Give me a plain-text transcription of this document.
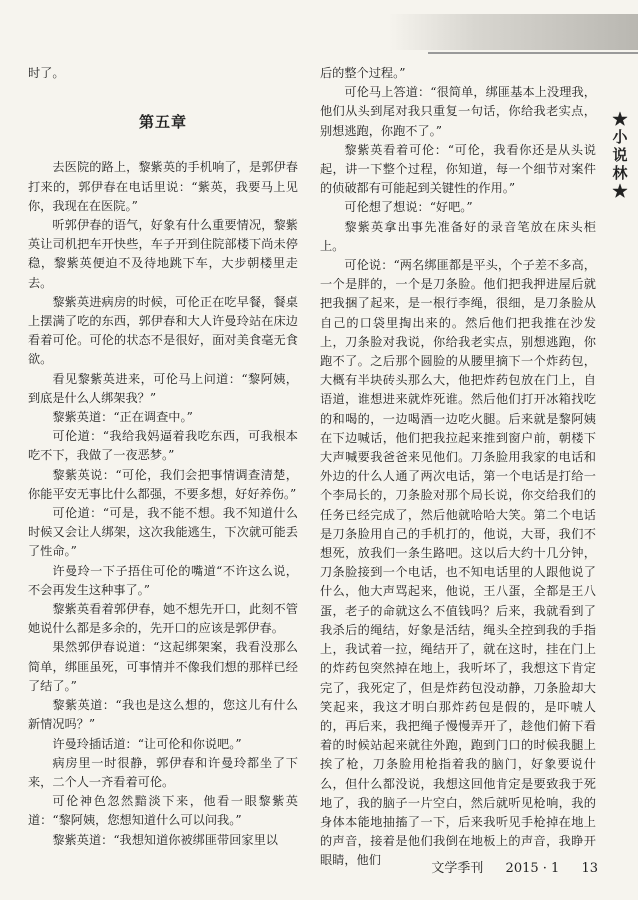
★小说林★

时了。

第五章

去医院的路上，黎紫英的手机响了，是郭伊春打来的，郭伊春在电话里说：“紫英，我要马上见你，我现在在医院。”

听郭伊春的语气，好象有什么重要情况，黎紫英让司机把车开快些，车子开到住院部楼下尚未停稳，黎紫英便迫不及待地跳下车，大步朝楼里走去。

黎紫英进病房的时候，可伦正在吃早餐，餐桌上摆满了吃的东西，郭伊春和大人许曼玲站在床边看着可伦。可伦的状态不是很好，面对美食毫无食欲。

看见黎紫英进来，可伦马上问道：“黎阿姨，到底是什么人绑架我？”

黎紫英道：“正在调查中。”

可伦道：“我给我妈逼着我吃东西，可我根本吃不下，我做了一夜恶梦。”

黎紫英说：“可伦，我们会把事情调查清楚，你能平安无事比什么都强，不要多想，好好养伤。”

可伦道：“可是，我不能不想。我不知道什么时候又会让人绑架，这次我能逃生，下次就可能丢了性命。”

许曼玲一下子捂住可伦的嘴道“不许这么说，不会再发生这种事了。”

黎紫英看着郭伊春，她不想先开口，此刻不管她说什么都是多余的，先开口的应该是郭伊春。

果然郭伊春说道：“这起绑架案，我看没那么简单，绑匪虽死，可事情并不像我们想的那样已经了结了。”

黎紫英道：“我也是这么想的，您这儿有什么新情况吗？”

许曼玲插话道：“让可伦和你说吧。”

病房里一时很静，郭伊春和许曼玲都坐了下来，二个人一齐看着可伦。

可伦神色忽然黯淡下来，他看一眼黎紫英道：“黎阿姨，您想知道什么可以问我。”

黎紫英道：“我想知道你被绑匪带回家里以

后的整个过程。”

可伦马上答道：“很简单，绑匪基本上没理我，他们从头到尾对我只重复一句话，你给我老实点，别想逃跑，你跑不了。”

黎紫英看着可伦：“可伦，我看你还是从头说起，讲一下整个过程，你知道，每一个细节对案件的侦破都有可能起到关键性的作用。”

可伦想了想说：“好吧。”

黎紫英拿出事先准备好的录音笔放在床头柜上。

可伦说：“两名绑匪都是平头，个子差不多高，一个是胖的，一个是刀条脸。他们把我押进屋后就把我捆了起来，是一根行李绳，很细，是刀条脸从自己的口袋里掏出来的。然后他们把我推在沙发上，刀条脸对我说，你给我老实点，别想逃跑，你跑不了。之后那个圆脸的从腰里摘下一个炸药包，大概有半块砖头那么大，他把炸药包放在门上，自语道，谁想进来就炸死谁。然后他们打开冰箱找吃的和喝的，一边喝酒一边吃火腿。后来就是黎阿姨在下边喊话，他们把我拉起来推到窗户前，朝楼下大声喊要我爸爸来见他们。刀条脸用我家的电话和外边的什么人通了两次电话，第一个电话是打给一个李局长的，刀条脸对那个局长说，你交给我们的任务已经完成了，然后他就哈哈大笑。第二个电话是刀条脸用自己的手机打的，他说，大哥，我们不想死，放我们一条生路吧。这以后大约十几分钟，刀条脸接到一个电话，也不知电话里的人跟他说了什么，他大声骂起来，他说，王八蛋，全都是王八蛋，老子的命就这么不值钱吗？后来，我就看到了我杀后的绳结，好象是活结，绳头全控到我的手指上，我试着一拉，绳结开了，就在这时，挂在门上的炸药包突然掉在地上，我听坏了，我想这下肯定完了，我死定了，但是炸药包没动静，刀条脸却大笑起来，我这才明白那炸药包是假的，是吓唬人的，再后来，我把绳子慢慢弄开了，趁他们俯下看着的时候站起来就往外跑，跑到门口的时候我腿上挨了枪，刀条脸用枪指着我的脑门，好象要说什么，但什么都没说，我想这回他肯定是要致我于死地了，我的脑子一片空白，然后就听见枪响，我的身体本能地抽搐了一下，后来我听见手枪掉在地上的声音，接着是他们我倒在地板上的声音，我睁开眼睛，他们

文学季刊 2015 · 1 13
